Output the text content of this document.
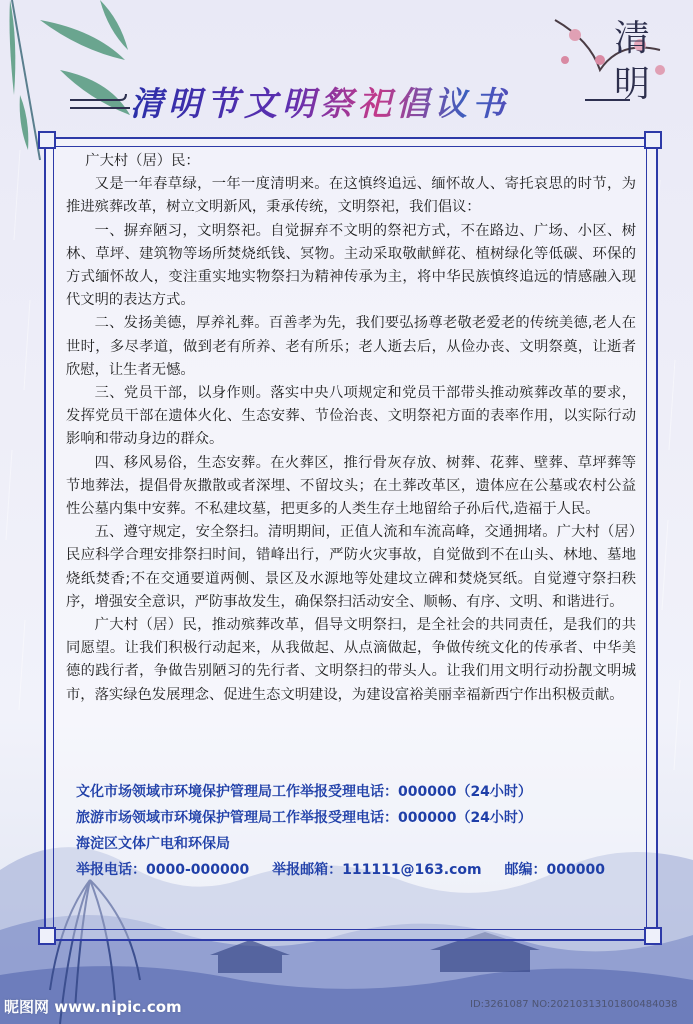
清明节文明祭祀倡议书
清明

广大村（居）民：

又是一年春草绿，一年一度清明来。在这慎终追远、缅怀故人、寄托哀思的时节，为推进殡葬改革，树立文明新风，秉承传统，文明祭祀，我们倡议：

一、摒弃陋习，文明祭祀。自觉摒弃不文明的祭祀方式，不在路边、广场、小区、树林、草坪、建筑物等场所焚烧纸钱、冥物。主动采取敬献鲜花、植树绿化等低碳、环保的方式缅怀故人，变注重实地实物祭扫为精神传承为主，将中华民族慎终追远的情感融入现代文明的表达方式。

二、发扬美德，厚养礼葬。百善孝为先，我们要弘扬尊老敬老爱老的传统美德,老人在世时，多尽孝道，做到老有所养、老有所乐；老人逝去后，从俭办丧、文明祭奠，让逝者欣慰，让生者无憾。

三、党员干部，以身作则。落实中央八项规定和党员干部带头推动殡葬改革的要求，发挥党员干部在遗体火化、生态安葬、节俭治丧、文明祭祀方面的表率作用，以实际行动影响和带动身边的群众。

四、移风易俗，生态安葬。在火葬区，推行骨灰存放、树葬、花葬、壁葬、草坪葬等节地葬法，提倡骨灰撒散或者深埋、不留坟头；在土葬改革区，遗体应在公墓或农村公益性公墓内集中安葬。不私建坟墓，把更多的人类生存土地留给子孙后代,造福于人民。

五、遵守规定，安全祭扫。清明期间，正值人流和车流高峰，交通拥堵。广大村（居）民应科学合理安排祭扫时间，错峰出行，严防火灾事故，自觉做到不在山头、林地、墓地烧纸焚香;不在交通要道两侧、景区及水源地等处建坟立碑和焚烧冥纸。自觉遵守祭扫秩序，增强安全意识，严防事故发生，确保祭扫活动安全、顺畅、有序、文明、和谐进行。

广大村（居）民，推动殡葬改革，倡导文明祭扫，是全社会的共同责任，是我们的共同愿望。让我们积极行动起来，从我做起、从点滴做起，争做传统文化的传承者、中华美德的践行者，争做告别陋习的先行者、文明祭扫的带头人。让我们用文明行动扮靓文明城市，落实绿色发展理念、促进生态文明建设，为建设富裕美丽幸福新西宁作出积极贡献。

文化市场领域市环境保护管理局工作举报受理电话：000000（24小时）
旅游市场领域市环境保护管理局工作举报受理电话：000000（24小时）
海淀区文体广电和环保局
举报电话：0000-000000 举报邮箱：111111@163.com 邮编：000000
昵图网 www.nipic.com	ID:3261087 NO:20210313101800484038
